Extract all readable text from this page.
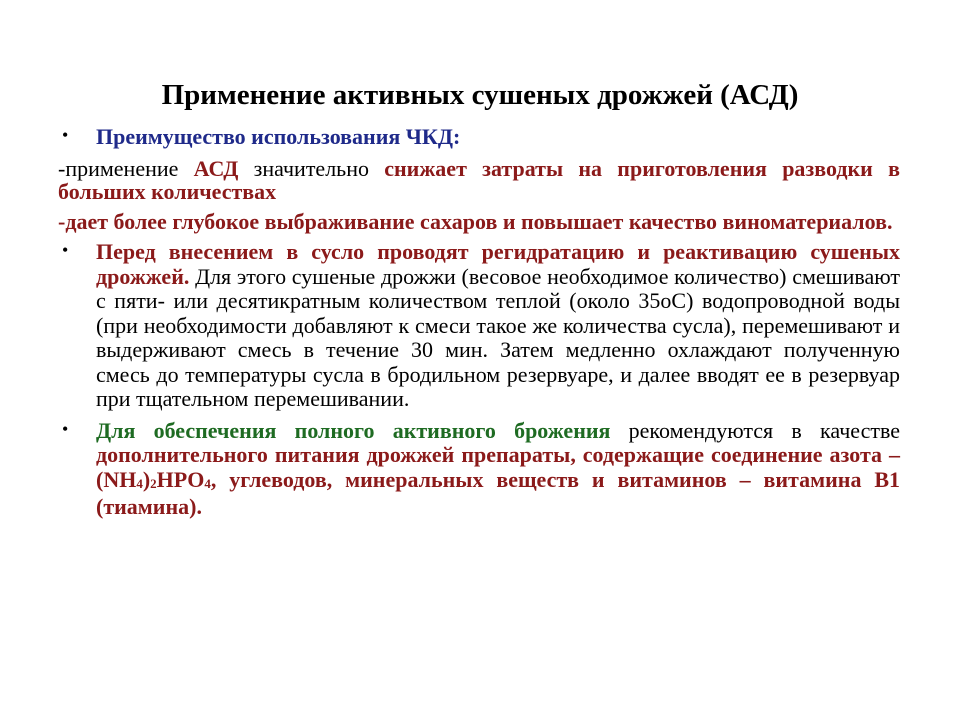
Применение активных сушеных дрожжей (АСД)
• Преимущество использования ЧКД:
-применение АСД значительно снижает затраты на приготовления разводки в больших количествах
-дает более глубокое выбраживание сахаров и повышает качество виноматериалов.
• Перед внесением в сусло проводят регидратацию и реактивацию сушеных дрожжей. Для этого сушеные дрожжи (весовое необходимое количество) смешивают с пяти- или десятикратным количеством теплой (около 35оС) водопроводной воды (при необходимости добавляют к смеси такое же количества сусла), перемешивают и выдерживают смесь в течение 30 мин. Затем медленно охлаждают полученную смесь до температуры сусла в бродильном резервуаре, и далее вводят ее в резервуар при тщательном перемешивании.
• Для обеспечения полного активного брожения рекомендуются в качестве дополнительного питания дрожжей препараты, содержащие соединение азота – $(NH_4)_2HPO_4$, углеводов, минеральных веществ и витаминов – витамина В1 (тиамина).
